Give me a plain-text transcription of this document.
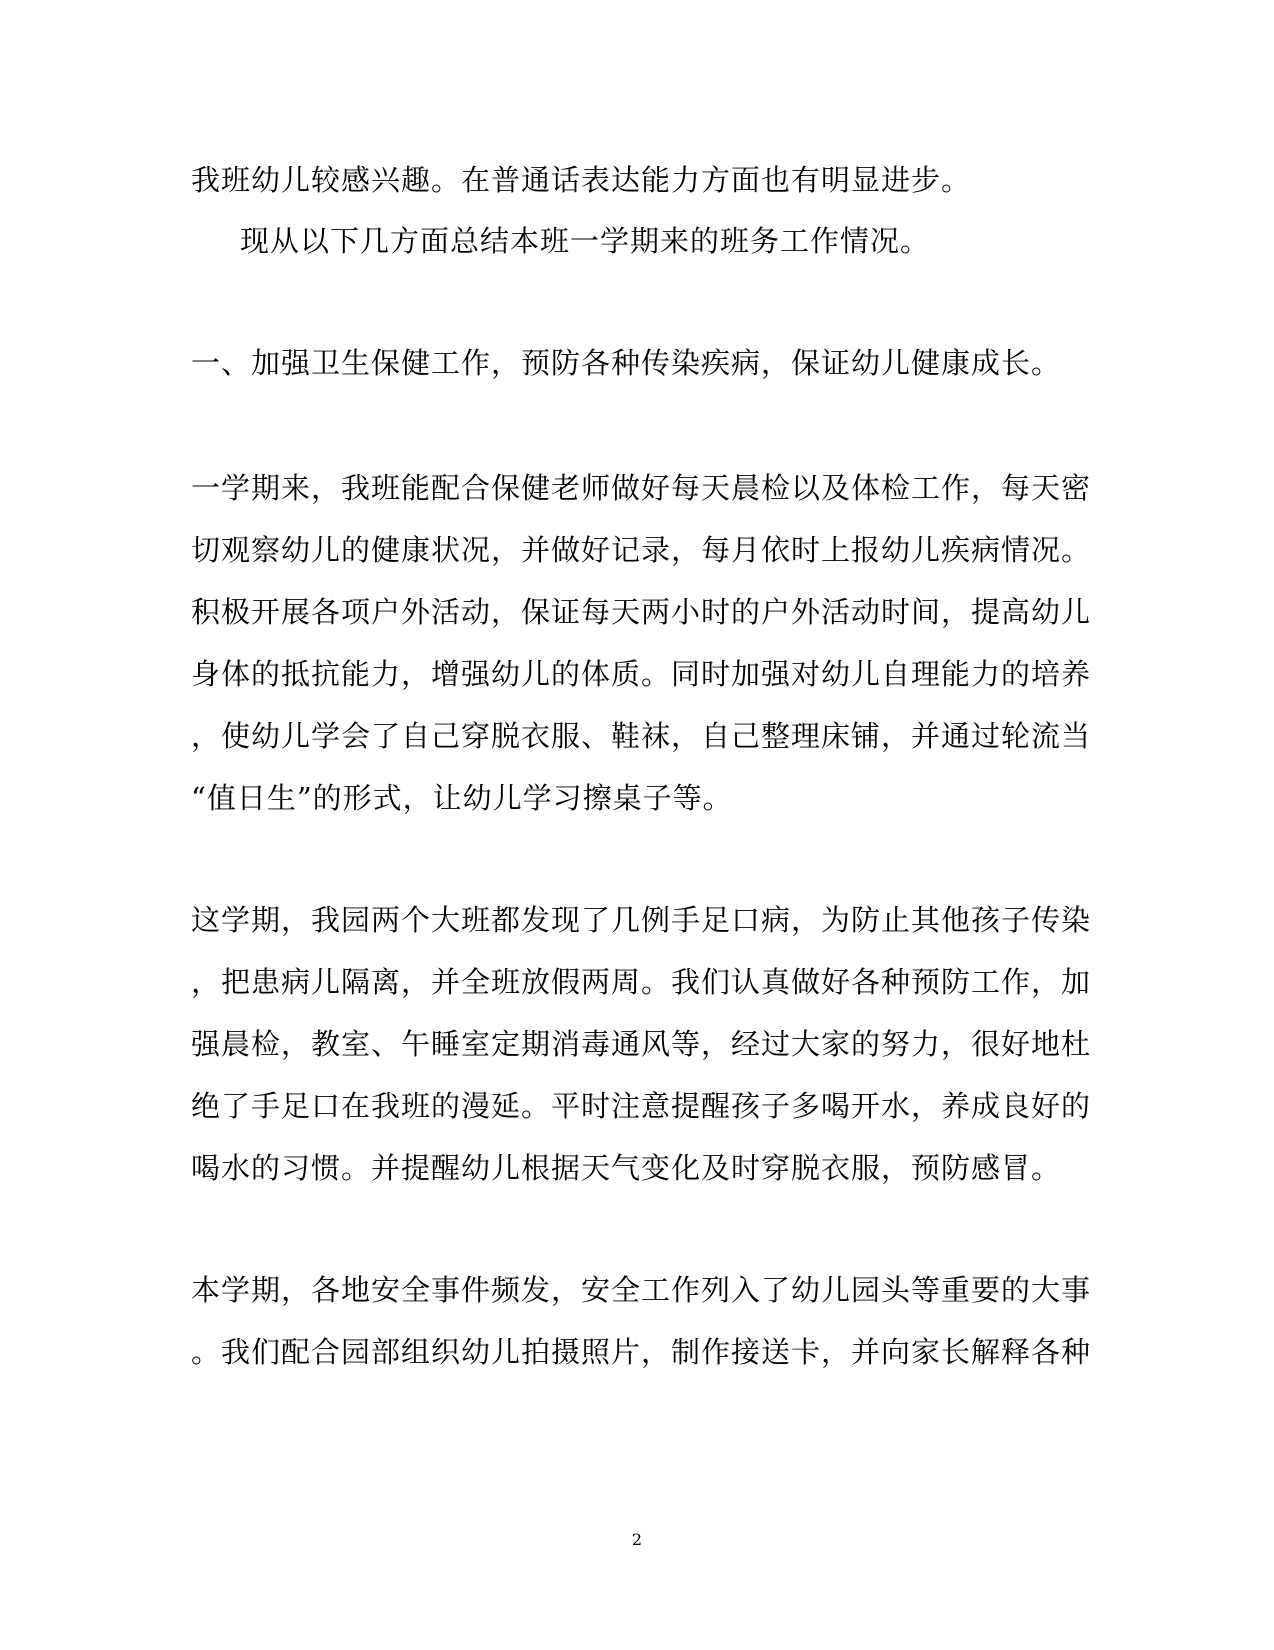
我班幼儿较感兴趣。在普通话表达能力方面也有明显进步。
现从以下几方面总结本班一学期来的班务工作情况。
一、加强卫生保健工作，预防各种传染疾病，保证幼儿健康成长。
一学期来，我班能配合保健老师做好每天晨检以及体检工作，每天密
切观察幼儿的健康状况，并做好记录，每月依时上报幼儿疾病情况。
积极开展各项户外活动，保证每天两小时的户外活动时间，提高幼儿
身体的抵抗能力，增强幼儿的体质。同时加强对幼儿自理能力的培养
，使幼儿学会了自己穿脱衣服、鞋袜，自己整理床铺，并通过轮流当
“值日生”的形式，让幼儿学习擦桌子等。
这学期，我园两个大班都发现了几例手足口病，为防止其他孩子传染
，把患病儿隔离，并全班放假两周。我们认真做好各种预防工作，加
强晨检，教室、午睡室定期消毒通风等，经过大家的努力，很好地杜
绝了手足口在我班的漫延。平时注意提醒孩子多喝开水，养成良好的
喝水的习惯。并提醒幼儿根据天气变化及时穿脱衣服，预防感冒。
本学期，各地安全事件频发，安全工作列入了幼儿园头等重要的大事
。我们配合园部组织幼儿拍摄照片，制作接送卡，并向家长解释各种
2
